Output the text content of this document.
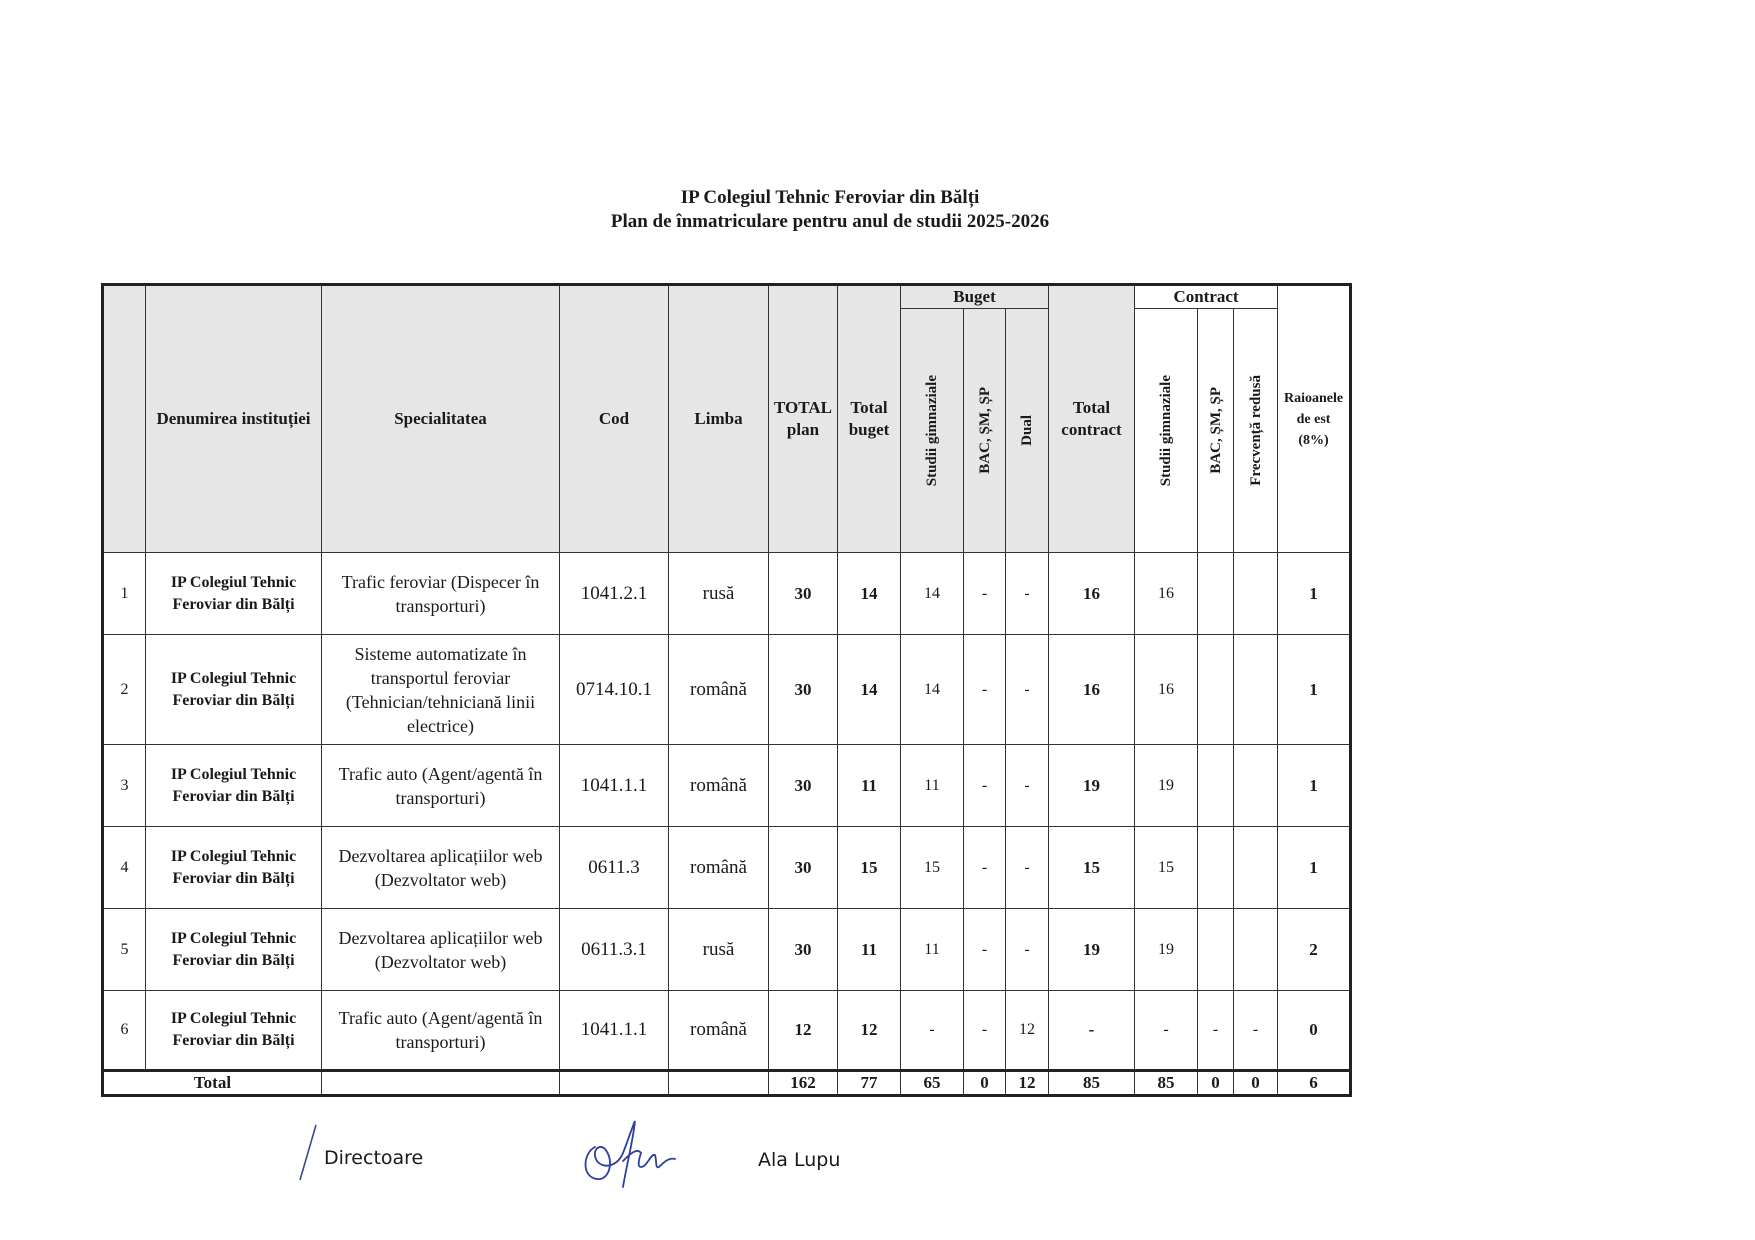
IP Colegiul Tehnic Feroviar din Bălți
Plan de înmatriculare pentru anul de studii 2025-2026
	Denumirea instituției	Specialitatea	Cod	Limba	TOTAL plan	Total buget	Buget			Total contract	Contract			Raioanele de est (8%)

							Studii gimnaziale	BAC, ȘM, ȘP	Dual		Studii gimnaziale	BAC, ȘM, ȘP	Frecvență redusă	

1	IP Colegiul Tehnic Feroviar din Bălți	Trafic feroviar (Dispecer în transporturi)	1041.2.1	rusă	30	14	14	-	-	16	16			1
2	IP Colegiul Tehnic Feroviar din Bălți	Sisteme automatizate în transportul feroviar (Tehnician/tehniciană linii electrice)	0714.10.1	română	30	14	14	-	-	16	16			1
3	IP Colegiul Tehnic Feroviar din Bălți	Trafic auto (Agent/agentă în transporturi)	1041.1.1	română	30	11	11	-	-	19	19			1
4	IP Colegiul Tehnic Feroviar din Bălți	Dezvoltarea aplicațiilor web (Dezvoltator web)	0611.3	română	30	15	15	-	-	15	15			1
5	IP Colegiul Tehnic Feroviar din Bălți	Dezvoltarea aplicațiilor web (Dezvoltator web)	0611.3.1	rusă	30	11	11	-	-	19	19			2
6	IP Colegiul Tehnic Feroviar din Bălți	Trafic auto (Agent/agentă în transporturi)	1041.1.1	română	12	12	-	-	12	-	-	-	-	0
Total					162	77	65	0	12	85	85	0	0	6
Directoare	Ala Lupu
